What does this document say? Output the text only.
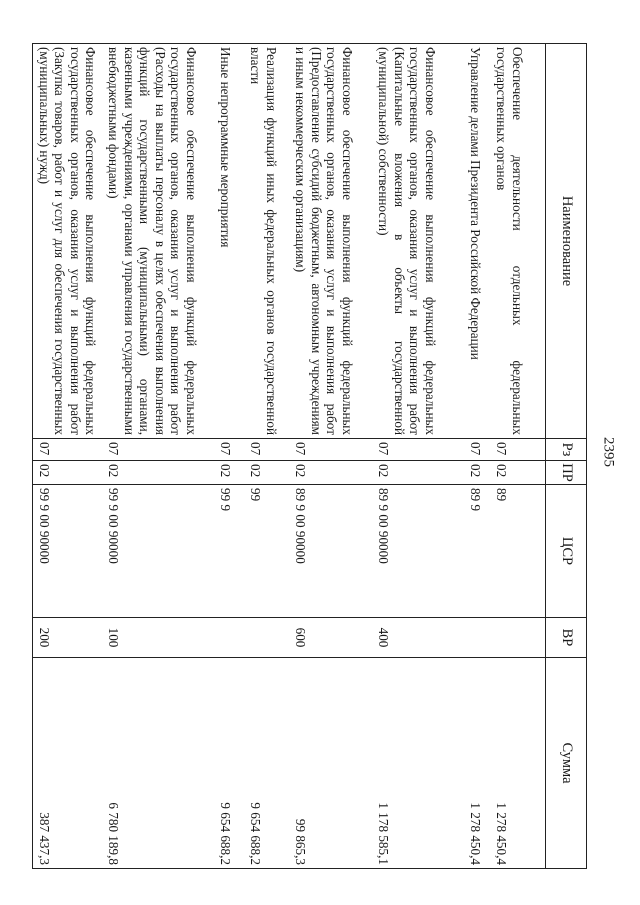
2395
Наименование	Рз	ПР	ЦСР	ВР	Сумма
Обеспечение деятельности отдельных федеральных государственных органов	07	02	89		1 278 450,4
Управление делами Президента Российской Федерации	07	02	89 9		1 278 450,4
Финансовое обеспечение выполнения функций федеральных государственных органов, оказания услуг и выполнения работ (Капитальные вложения в объекты государственной (муниципальной) собственности)	07	02	89 9 00 90000	400	1 178 585,1
Финансовое обеспечение выполнения функций федеральных государственных органов, оказания услуг и выполнения работ (Предоставление субсидий бюджетным, автономным учреждениям и иным некоммерческим организациям)	07	02	89 9 00 90000	600	99 865,3
Реализация функций иных федеральных органов государственной власти	07	02	99		9 654 688,2
Иные непрограммные мероприятия	07	02	99 9		9 654 688,2
Финансовое обеспечение выполнения функций федеральных государственных органов, оказания услуг и выполнения работ (Расходы на выплаты персоналу в целях обеспечения выполнения функций государственными (муниципальными) органами, казенными учреждениями, органами управления государственными внебюджетными фондами)	07	02	99 9 00 90000	100	6 780 189,8
Финансовое обеспечение выполнения функций федеральных государственных органов, оказания услуг и выполнения работ (Закупка товаров, работ и услуг для обеспечения государственных (муниципальных) нужд)	07	02	99 9 00 90000	200	387 437,3
